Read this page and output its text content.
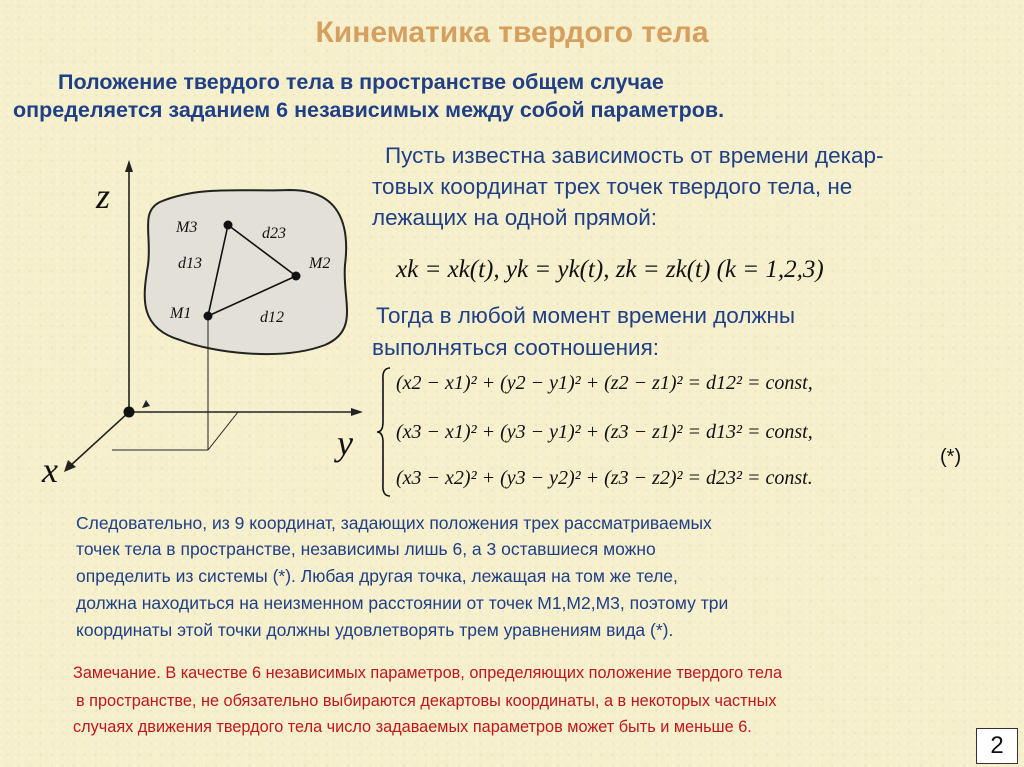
Кинематика твердого тела
Положение твердого тела в пространстве общем случае
определяется заданием 6 независимых между собой параметров.
Пусть известна зависимость от времени декар-
товых координат трех точек твердого тела, не
лежащих на одной прямой:
xk = xk(t), yk = yk(t), zk = zk(t) (k = 1,2,3)
Тогда в любой момент времени должны
выполняться соотношения:
(x2 − x1)² + (y2 − y1)² + (z2 − z1)² = d12² = const,
(x3 − x1)² + (y3 − y1)² + (z3 − z1)² = d13² = const,
(x3 − x2)² + (y3 − y2)² + (z3 − z2)² = d23² = const.
(*)
z
y
x
M1
M2
M3
d12
d13
d23
Следовательно, из 9 координат, задающих положения трех рассматриваемых
точек тела в пространстве, независимы лишь 6, а 3 оставшиеся можно
определить из системы (*). Любая другая точка, лежащая на том же теле,
должна находиться на неизменном расстоянии от точек М1,М2,М3, поэтому три
координаты этой точки должны удовлетворять трем уравнениям вида (*).
Замечание. В качестве 6 независимых параметров, определяющих положение твердого тела
в пространстве, не обязательно выбираются декартовы координаты, а в некоторых частных
случаях движения твердого тела число задаваемых параметров может быть и меньше 6.
2
